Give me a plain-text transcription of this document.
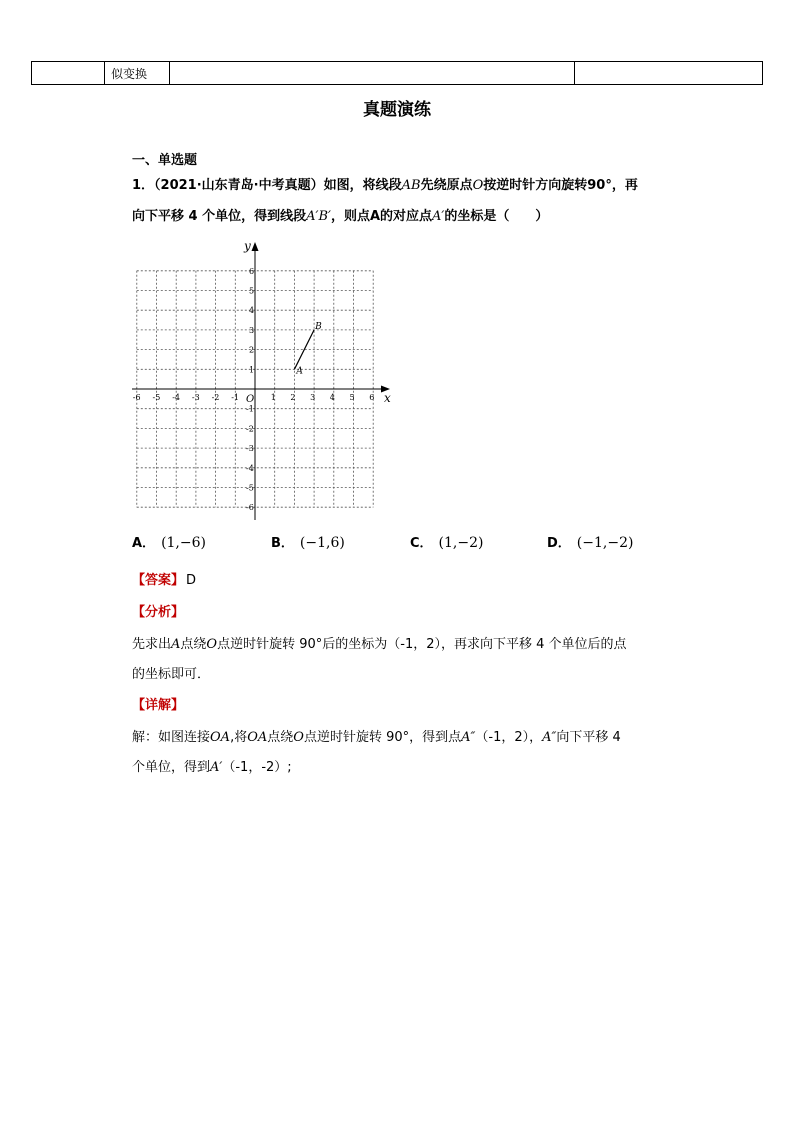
	似变换		
真题演练
一、单选题
1．（2021·山东青岛·中考真题）如图，将线段AB先绕原点O按逆时针方向旋转90°，再
向下平移 4 个单位，得到线段A′B′，则点A的对应点A′的坐标是（　　）
x
y
O
-6 -5 -4 -3 -2 -1	1 2 3 4 5 6
6
5
4
3
2
1
-1
-2
-3
-4
-5
-6
A
B
A． (1,−6)	B． (−1,6)	C． (1,−2)	D． (−1,−2)
【答案】 D
【分析】
先求出A点绕O点逆时针旋转 90°后的坐标为（-1，2），再求向下平移 4 个单位后的点
的坐标即可．
【详解】
解：如图连接OA,将OA点绕O点逆时针旋转 90°，得到点A″（-1，2），A″向下平移 4
个单位，得到A′（-1，-2）;
